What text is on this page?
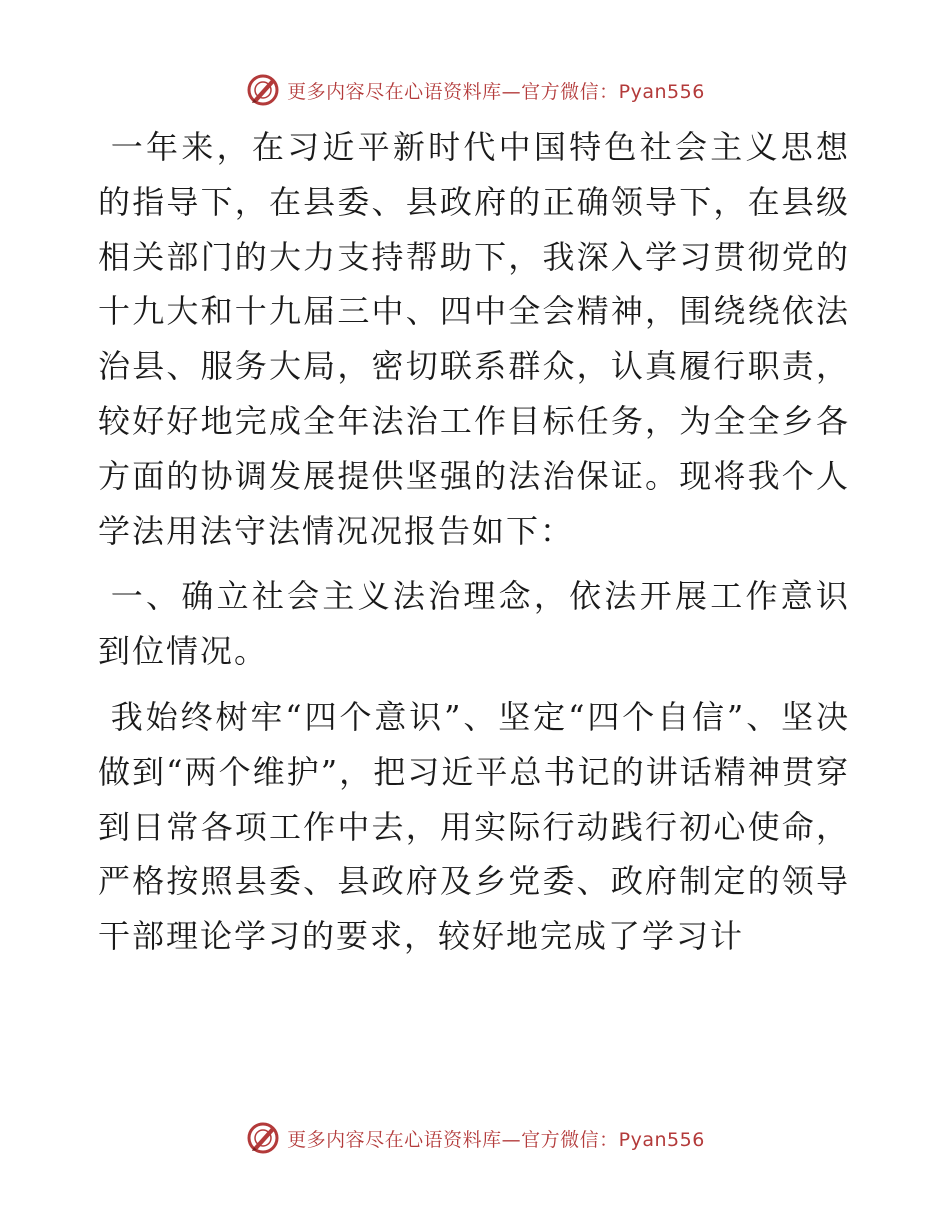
更多内容尽在心语资料库—官方微信：Pyan556

一年来，在习近平新时代中国特色社会主义思想的指导下，在县委、县政府的正确领导下，在县级相关部门的大力支持帮助下，我深入学习贯彻党的十九大和十九届三中、四中全会精神，围绕绕依法治县、服务大局，密切联系群众，认真履行职责，较好好地完成全年法治工作目标任务，为全全乡各方面的协调发展提供坚强的法治保证。现将我个人学法用法守法情况况报告如下：

一、确立社会主义法治理念，依法开展工作意识到位情况。

我始终树牢“四个意识”、坚定“四个自信”、坚决做到“两个维护”，把习近平总书记的讲话精神贯穿到日常各项工作中去，用实际行动践行初心使命，严格按照县委、县政府及乡党委、政府制定的领导干部理论学习的要求，较好地完成了学习计

更多内容尽在心语资料库—官方微信：Pyan556
